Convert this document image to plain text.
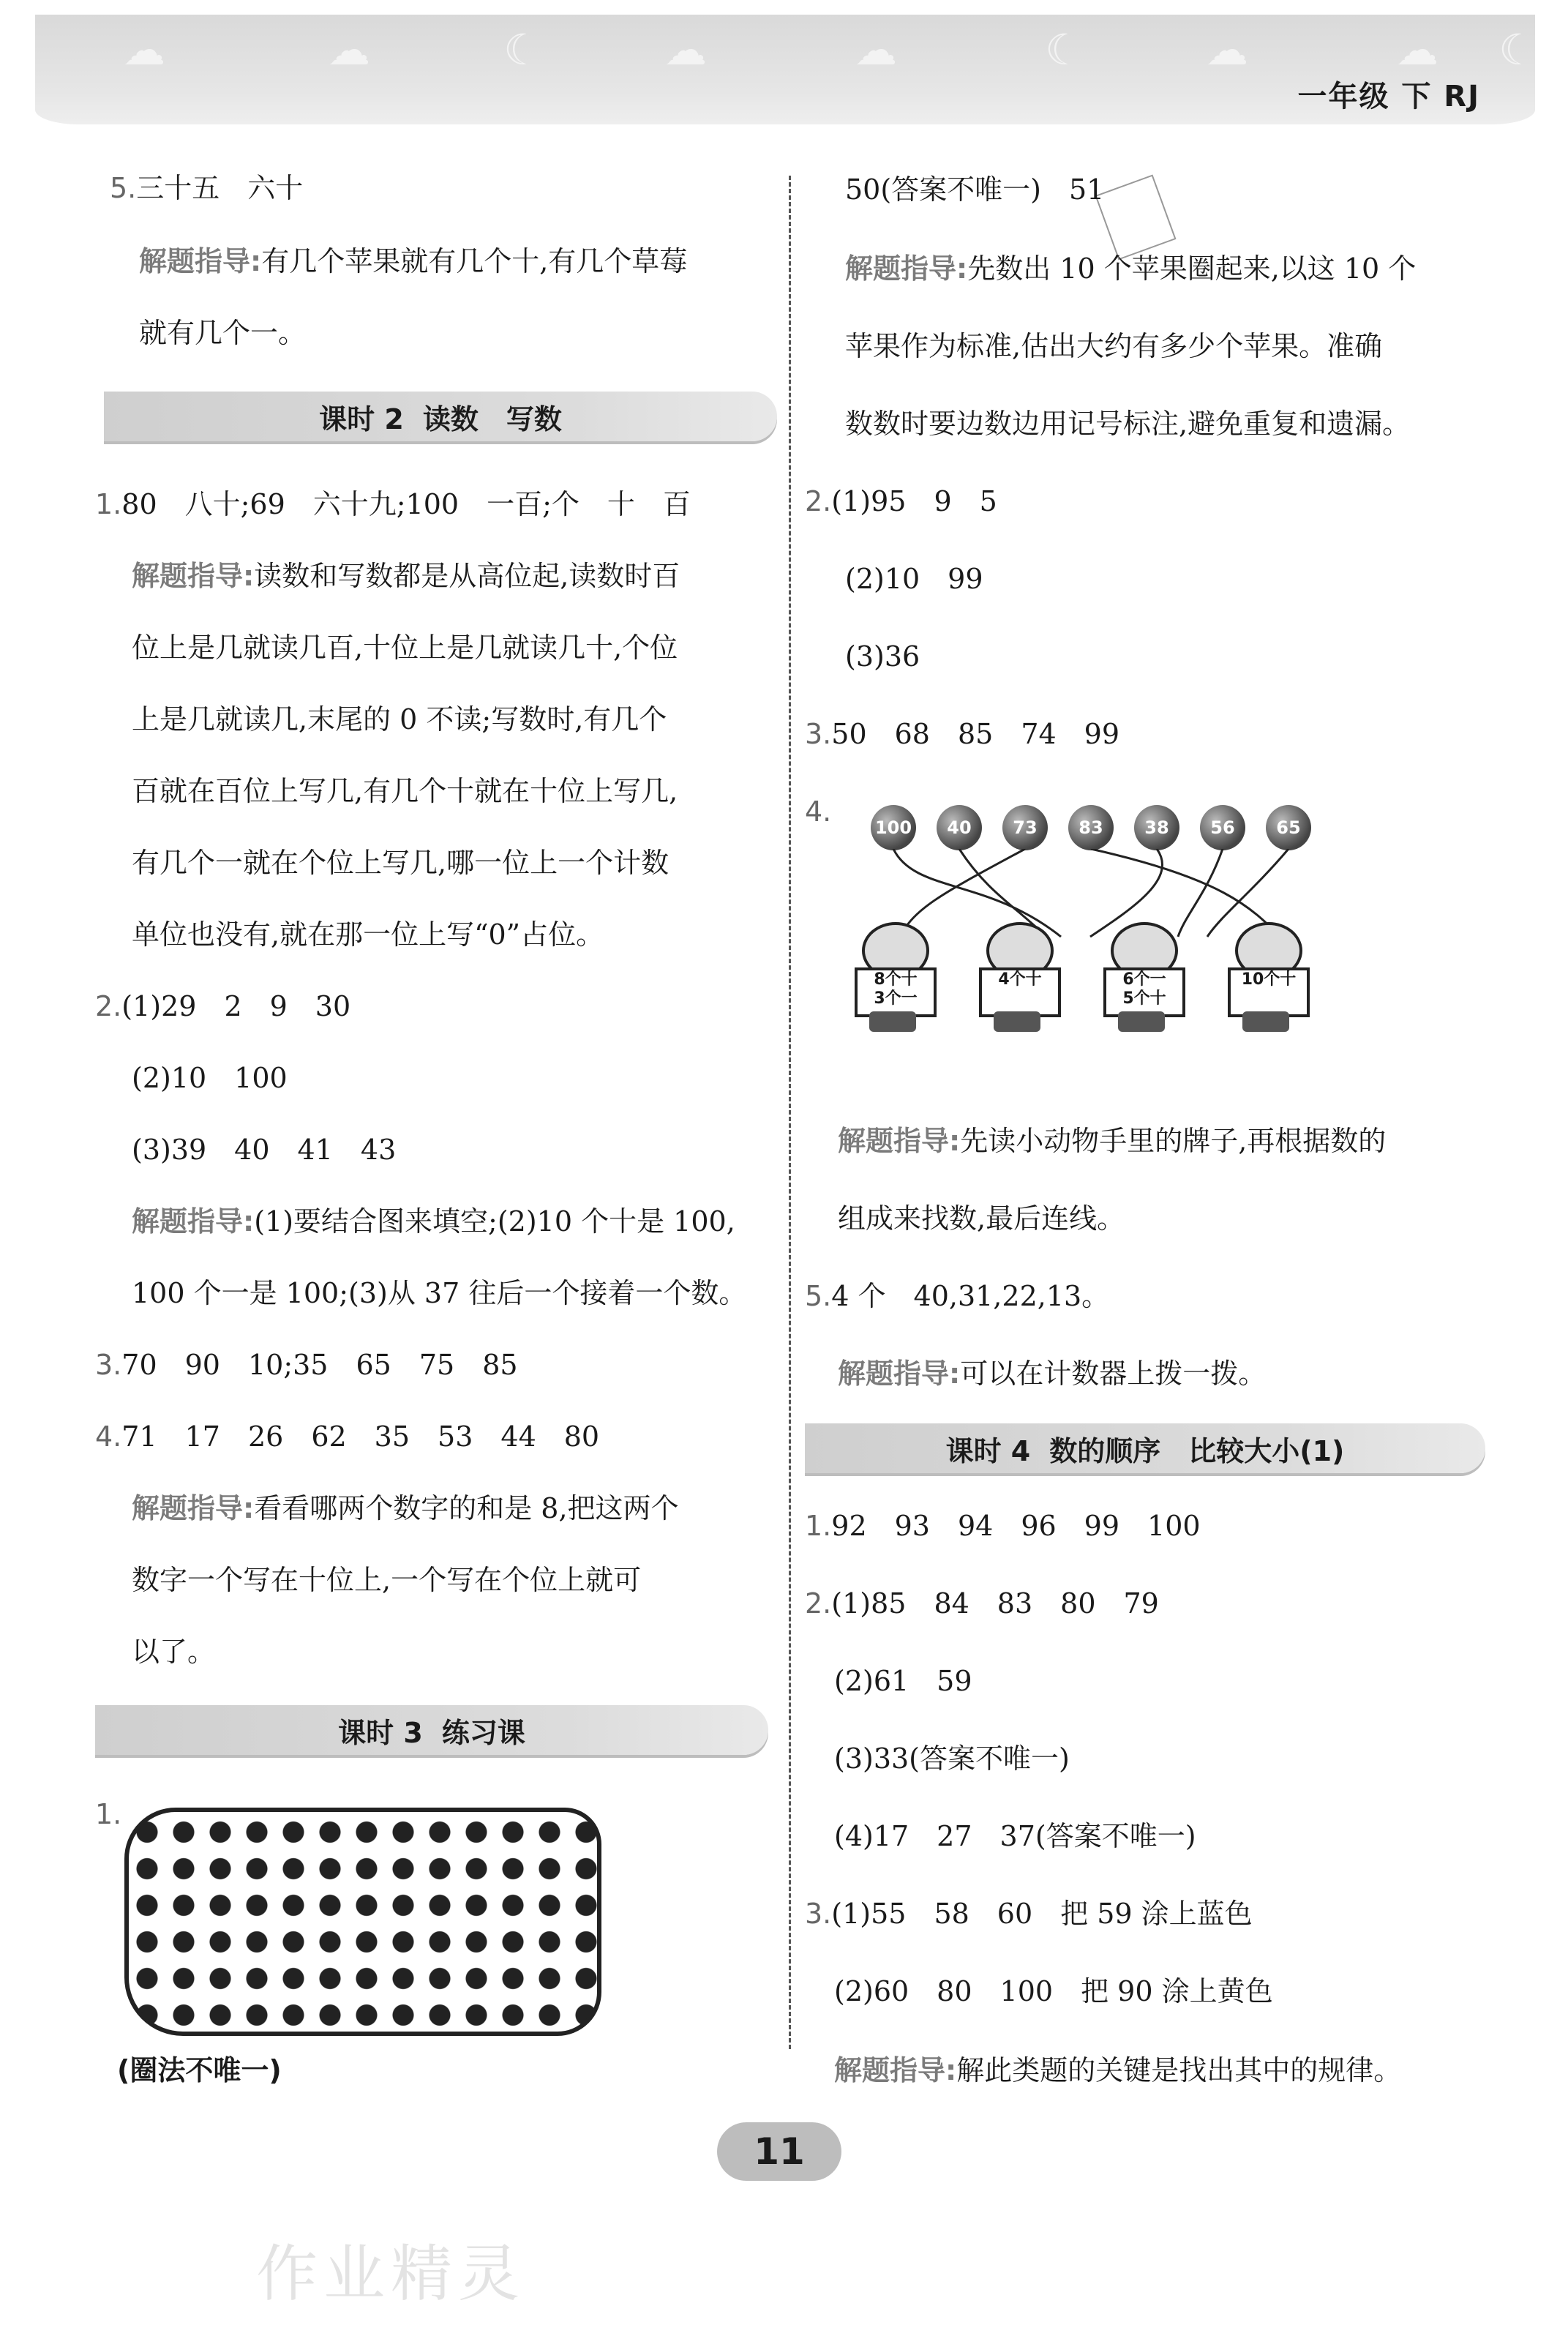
☁	☁	☾	☁	☁	☾	☁	☁ ☾
一年级 下 RJ
5.三十五　六十
解题指导:有几个苹果就有几个十,有几个草莓
就有几个一。
课时 2 读数　写数
1.80　八十;69　六十九;100　一百;个　十　百
解题指导:读数和写数都是从高位起,读数时百
位上是几就读几百,十位上是几就读几十,个位
上是几就读几,末尾的 0 不读;写数时,有几个
百就在百位上写几,有几个十就在十位上写几,
有几个一就在个位上写几,哪一位上一个计数
单位也没有,就在那一位上写“0”占位。
2.(1)29　2　9　30
(2)10　100
(3)39　40　41　43
解题指导:(1)要结合图来填空;(2)10 个十是 100,
100 个一是 100;(3)从 37 往后一个接着一个数。
3.70　90　10;35　65　75　85
4.71　17　26　62　35　53　44　80
解题指导:看看哪两个数字的和是 8,把这两个
数字一个写在十位上,一个写在个位上就可
以了。
课时 3 练习课
1.
(圈法不唯一)
50(答案不唯一)　51
解题指导:先数出 10 个苹果圈起来,以这 10 个
苹果作为标准,估出大约有多少个苹果。准确
数数时要边数边用记号标注,避免重复和遗漏。
2.(1)95　9　5
(2)10　99
(3)36
3.50　68　85　74　99
4. 100	40	73	83	38	56	65
8个十
3个一
4个十	6个一
5个十
10个十
解题指导:先读小动物手里的牌子,再根据数的
组成来找数,最后连线。
5.4 个　40,31,22,13。
解题指导:可以在计数器上拨一拨。
课时 4 数的顺序　比较大小(1)
1.92　93　94　96　99　100
2.(1)85　84　83　80　79
(2)61　59
(3)33(答案不唯一)
(4)17　27　37(答案不唯一)
3.(1)55　58　60　把 59 涂上蓝色
(2)60　80　100　把 90 涂上黄色
解题指导:解此类题的关键是找出其中的规律。
11
作业精灵
